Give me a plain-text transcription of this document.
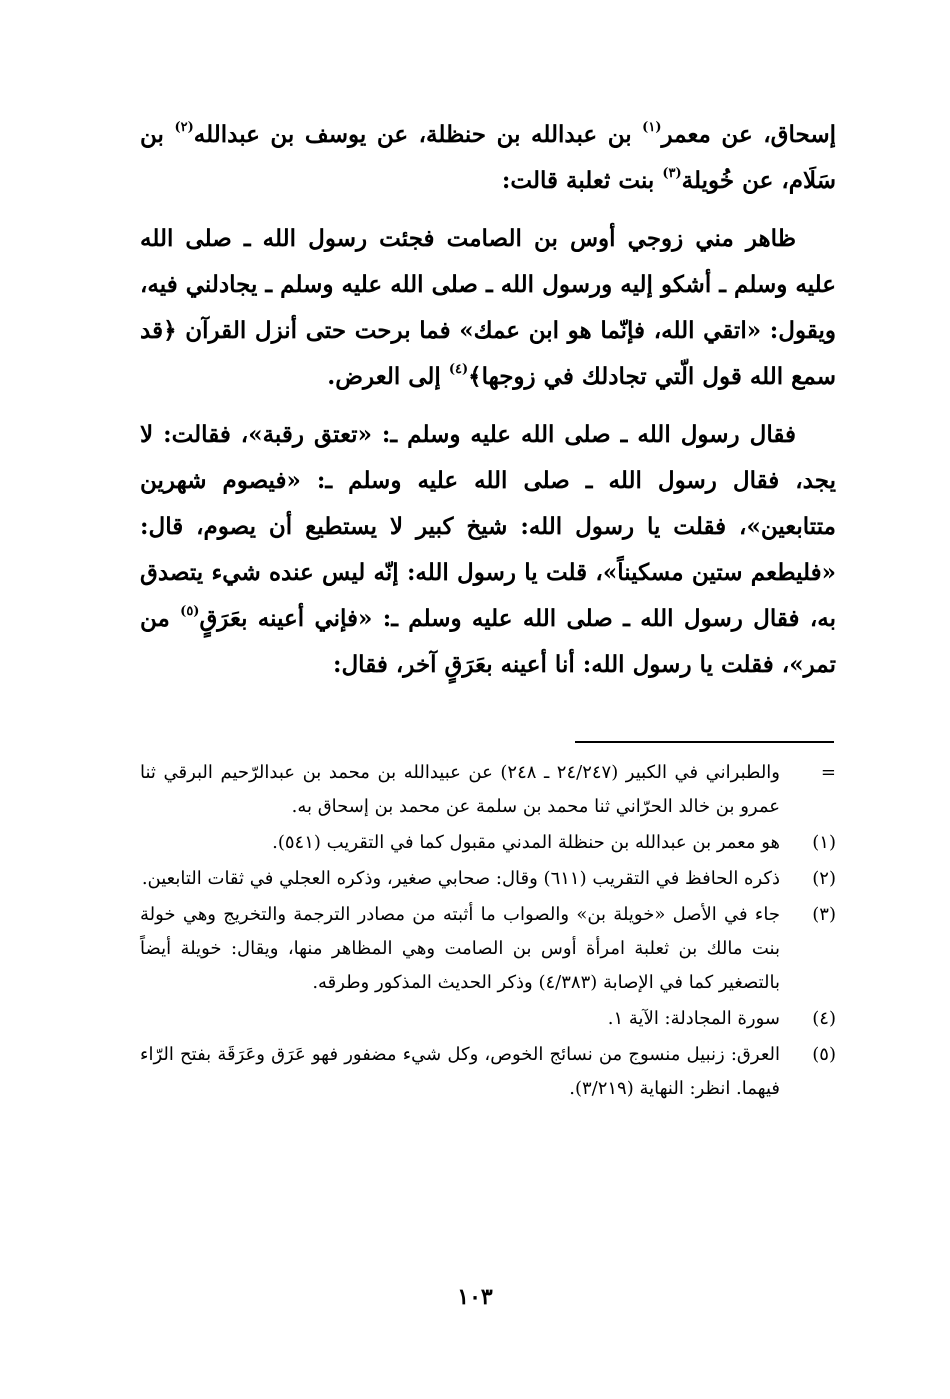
إسحاق، عن معمر$^{(١)}$ بن عبدالله بن حنظلة، عن يوسف بن عبدالله$^{(٢)}$ بن سَلَام، عن خُويلة$^{(٣)}$ بنت ثعلبة قالت:

ظاهر مني زوجي أوس بن الصامت فجئت رسول الله ـ صلى الله عليه وسلم ـ أشكو إليه ورسول الله ـ صلى الله عليه وسلم ـ يجادلني فيه، ويقول: «اتقي الله، فإنّما هو ابن عمك» فما برحت حتى أنزل القرآن ﴿قد سمع الله قول الّتي تجادلك في زوجها﴾$^{(٤)}$ إلى العرض.

فقال رسول الله ـ صلى الله عليه وسلم ـ: «تعتق رقبة»، فقالت: لا يجد، فقال رسول الله ـ صلى الله عليه وسلم ـ: «فيصوم شهرين متتابعين»، فقلت يا رسول الله: شيخ كبير لا يستطيع أن يصوم، قال: «فليطعم ستين مسكيناً»، قلت يا رسول الله: إنّه ليس عنده شيء يتصدق به، فقال رسول الله ـ صلى الله عليه وسلم ـ: «فإني أعينه بعَرَقٍ$^{(٥)}$ من تمر»، فقلت يا رسول الله: أنا أعينه بعَرَقٍ آخر، فقال:

=
والطبراني في الكبير (٢٤/٢٤٧ ـ ٢٤٨) عن عبيدالله بن محمد بن عبدالرّحيم البرقي ثنا عمرو بن خالد الحرّاني ثنا محمد بن سلمة عن محمد بن إسحاق به.
(١)
هو معمر بن عبدالله بن حنظلة المدني مقبول كما في التقريب (٥٤١).
(٢)
ذكره الحافظ في التقريب (٦١١) وقال: صحابي صغير، وذكره العجلي في ثقات التابعين.
(٣)
جاء في الأصل «خويلة بن» والصواب ما أثبته من مصادر الترجمة والتخريج وهي خولة بنت مالك بن ثعلبة امرأة أوس بن الصامت وهي المظاهر منها، ويقال: خويلة أيضاً بالتصغير كما في الإصابة (٤/٣٨٣) وذكر الحديث المذكور وطرقه.
(٤)
سورة المجادلة: الآية ١.
(٥)
العرق: زنبيل منسوج من نسائج الخوص، وكل شيء مضفور فهو عَرَق وعَرَقَة بفتح الرّاء فيهما. انظر: النهاية (٣/٢١٩).
١٠٣
